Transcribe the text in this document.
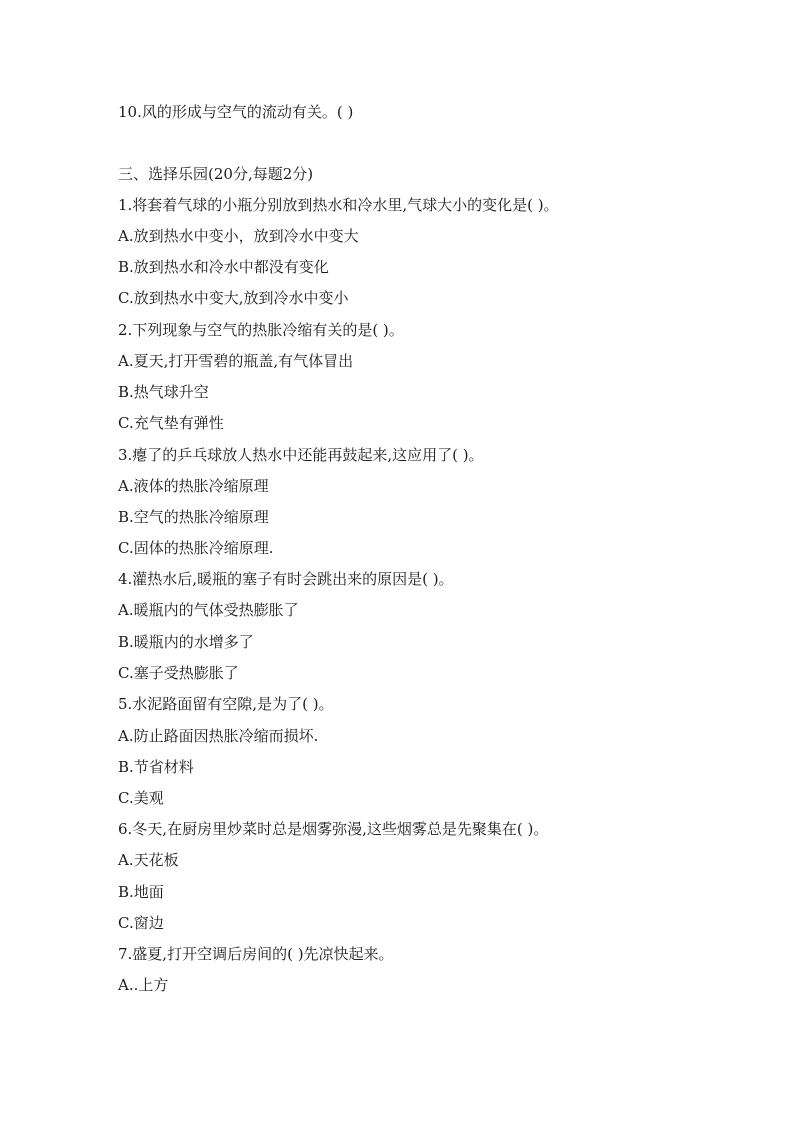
10.风的形成与空气的流动有关。( )
三、选择乐园(20分,每题2分)
1.将套着气球的小瓶分别放到热水和冷水里,气球大小的变化是( )。
A.放到热水中变小，放到冷水中变大
B.放到热水和冷水中都没有变化
C.放到热水中变大,放到冷水中变小
2.下列现象与空气的热胀冷缩有关的是( )。
A.夏天,打开雪碧的瓶盖,有气体冒出
B.热气球升空
C.充气垫有弹性
3.瘪了的乒乓球放人热水中还能再鼓起来,这应用了( )。
A.液体的热胀冷缩原理
B.空气的热胀冷缩原理
C.固体的热胀冷缩原理.
4.灌热水后,暖瓶的塞子有时会跳出来的原因是( )。
A.暖瓶内的气体受热膨胀了
B.暖瓶内的水增多了
C.塞子受热膨胀了
5.水泥路面留有空隙,是为了( )。
A.防止路面因热胀冷缩而损坏.
B.节省材料
C.美观
6.冬天,在厨房里炒菜时总是烟雾弥漫,这些烟雾总是先聚集在( )。
A.天花板
B.地面
C.窗边
7.盛夏,打开空调后房间的( )先凉快起来。
A..上方
